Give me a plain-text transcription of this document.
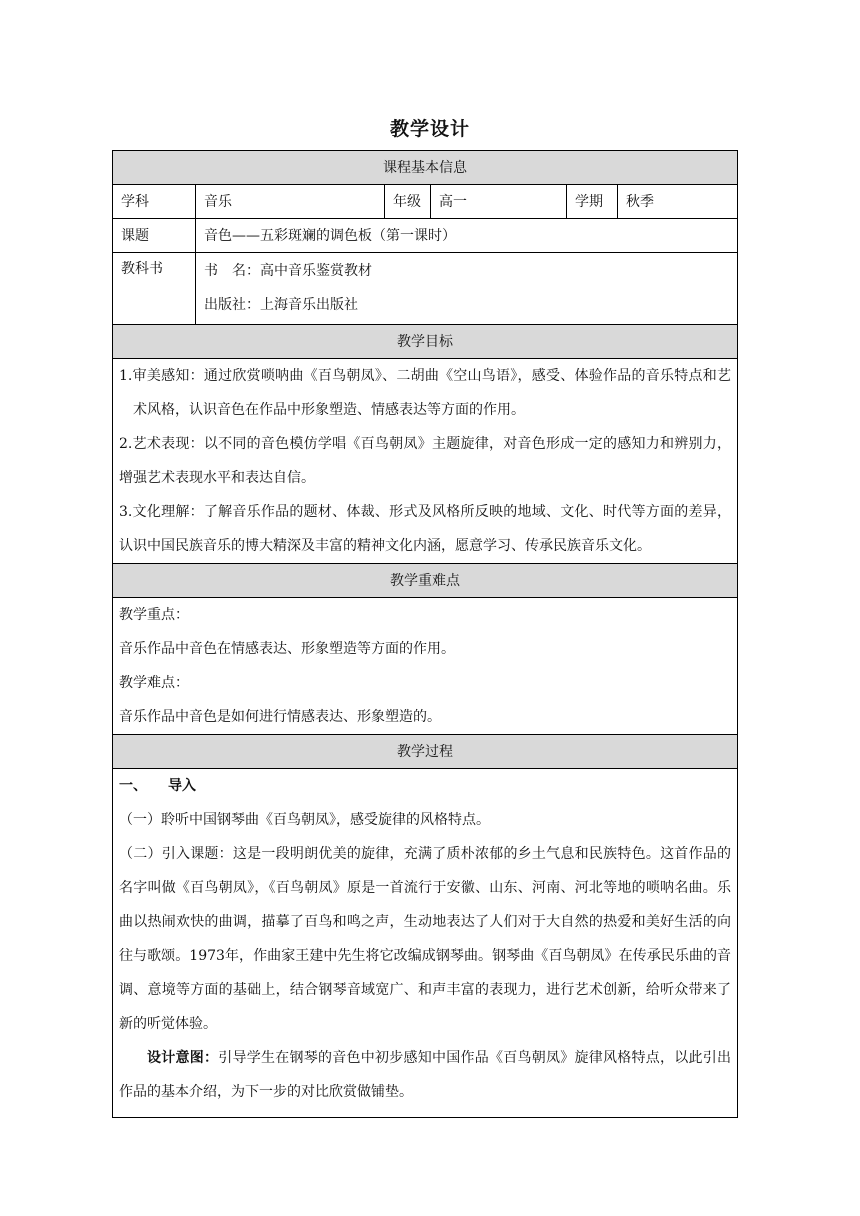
教学设计
课程基本信息					
学科	音乐	年级	高一	学期	秋季
课题	音色——五彩斑斓的调色板（第一课时）				
教科书	书　名：高中音乐鉴赏教材
出版社：上海音乐出版社				

教学目标					

1.审美感知：通过欣赏唢呐曲《百鸟朝凤》、二胡曲《空山鸟语》，感受、体验作品的音乐特点和艺术风格，认识音色在作品中形象塑造、情感表达等方面的作用。
2.艺术表现：以不同的音色模仿学唱《百鸟朝凤》主题旋律，对音色形成一定的感知力和辨别力，增强艺术表现水平和表达自信。
3.文化理解：了解音乐作品的题材、体裁、形式及风格所反映的地域、文化、时代等方面的差异，认识中国民族音乐的博大精深及丰富的精神文化内涵，愿意学习、传承民族音乐文化。					

教学重难点					

教学重点：
音乐作品中音色在情感表达、形象塑造等方面的作用。
教学难点：
音乐作品中音色是如何进行情感表达、形象塑造的。					

教学过程					

一、　　导入
（一）聆听中国钢琴曲《百鸟朝凤》，感受旋律的风格特点。
（二）引入课题：这是一段明朗优美的旋律，充满了质朴浓郁的乡土气息和民族特色。这首作品的名字叫做《百鸟朝凤》，《百鸟朝凤》原是一首流行于安徽、山东、河南、河北等地的唢呐名曲。乐曲以热闹欢快的曲调，描摹了百鸟和鸣之声，生动地表达了人们对于大自然的热爱和美好生活的向往与歌颂。1973年，作曲家王建中先生将它改编成钢琴曲。钢琴曲《百鸟朝凤》在传承民乐曲的音调、意境等方面的基础上，结合钢琴音域宽广、和声丰富的表现力，进行艺术创新，给听众带来了新的听觉体验。
设计意图：引导学生在钢琴的音色中初步感知中国作品《百鸟朝凤》旋律风格特点，以此引出作品的基本介绍，为下一步的对比欣赏做铺垫。					
